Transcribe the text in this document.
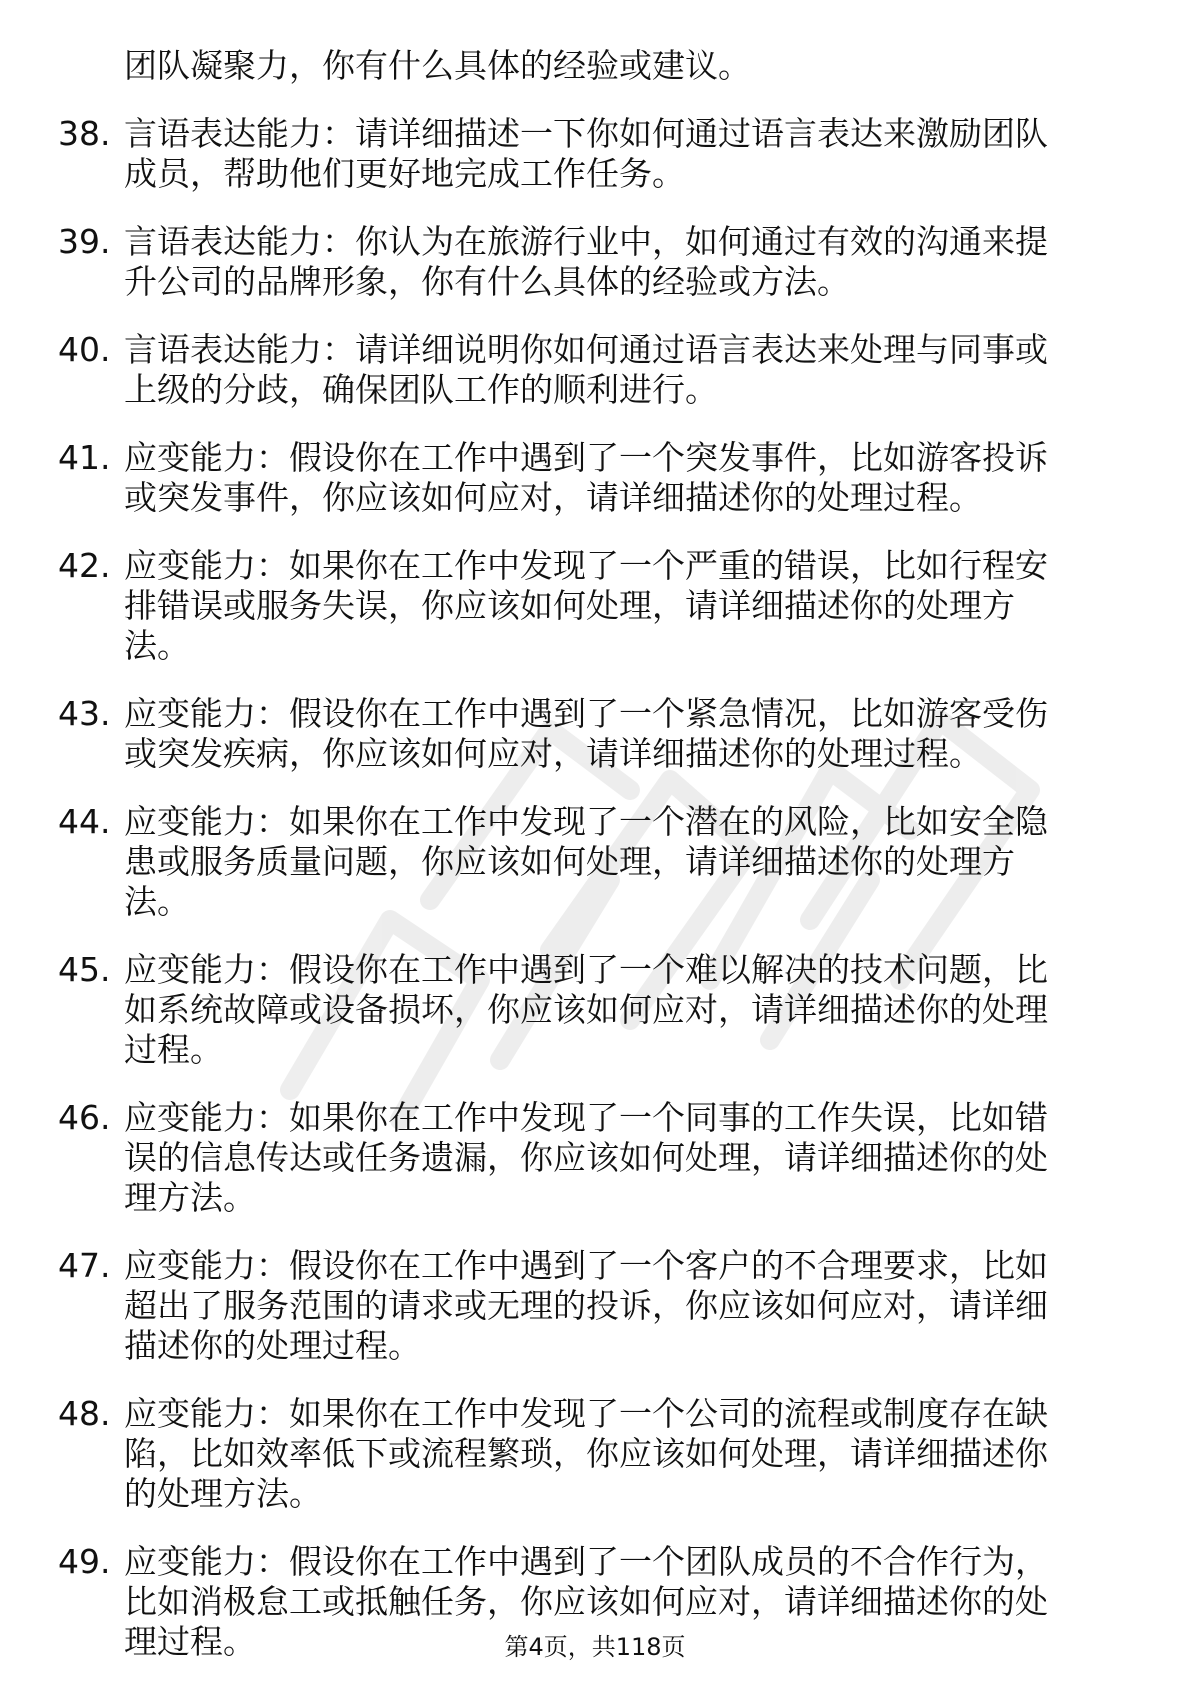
团队凝聚力，你有什么具体的经验或建议。
38. 言语表达能力：请详细描述一下你如何通过语言表达来激励团队
成员，帮助他们更好地完成工作任务。
39. 言语表达能力：你认为在旅游行业中，如何通过有效的沟通来提
升公司的品牌形象，你有什么具体的经验或方法。
40. 言语表达能力：请详细说明你如何通过语言表达来处理与同事或
上级的分歧，确保团队工作的顺利进行。
41. 应变能力：假设你在工作中遇到了一个突发事件，比如游客投诉
或突发事件，你应该如何应对，请详细描述你的处理过程。
42. 应变能力：如果你在工作中发现了一个严重的错误，比如行程安
排错误或服务失误，你应该如何处理，请详细描述你的处理方
法。
43. 应变能力：假设你在工作中遇到了一个紧急情况，比如游客受伤
或突发疾病，你应该如何应对，请详细描述你的处理过程。
44. 应变能力：如果你在工作中发现了一个潜在的风险，比如安全隐
患或服务质量问题，你应该如何处理，请详细描述你的处理方
法。
45. 应变能力：假设你在工作中遇到了一个难以解决的技术问题，比
如系统故障或设备损坏，你应该如何应对，请详细描述你的处理
过程。
46. 应变能力：如果你在工作中发现了一个同事的工作失误，比如错
误的信息传达或任务遗漏，你应该如何处理，请详细描述你的处
理方法。
47. 应变能力：假设你在工作中遇到了一个客户的不合理要求，比如
超出了服务范围的请求或无理的投诉，你应该如何应对，请详细
描述你的处理过程。
48. 应变能力：如果你在工作中发现了一个公司的流程或制度存在缺
陷，比如效率低下或流程繁琐，你应该如何处理，请详细描述你
的处理方法。
49. 应变能力：假设你在工作中遇到了一个团队成员的不合作行为，
比如消极怠工或抵触任务，你应该如何应对，请详细描述你的处
理过程。	第4页，共118页
